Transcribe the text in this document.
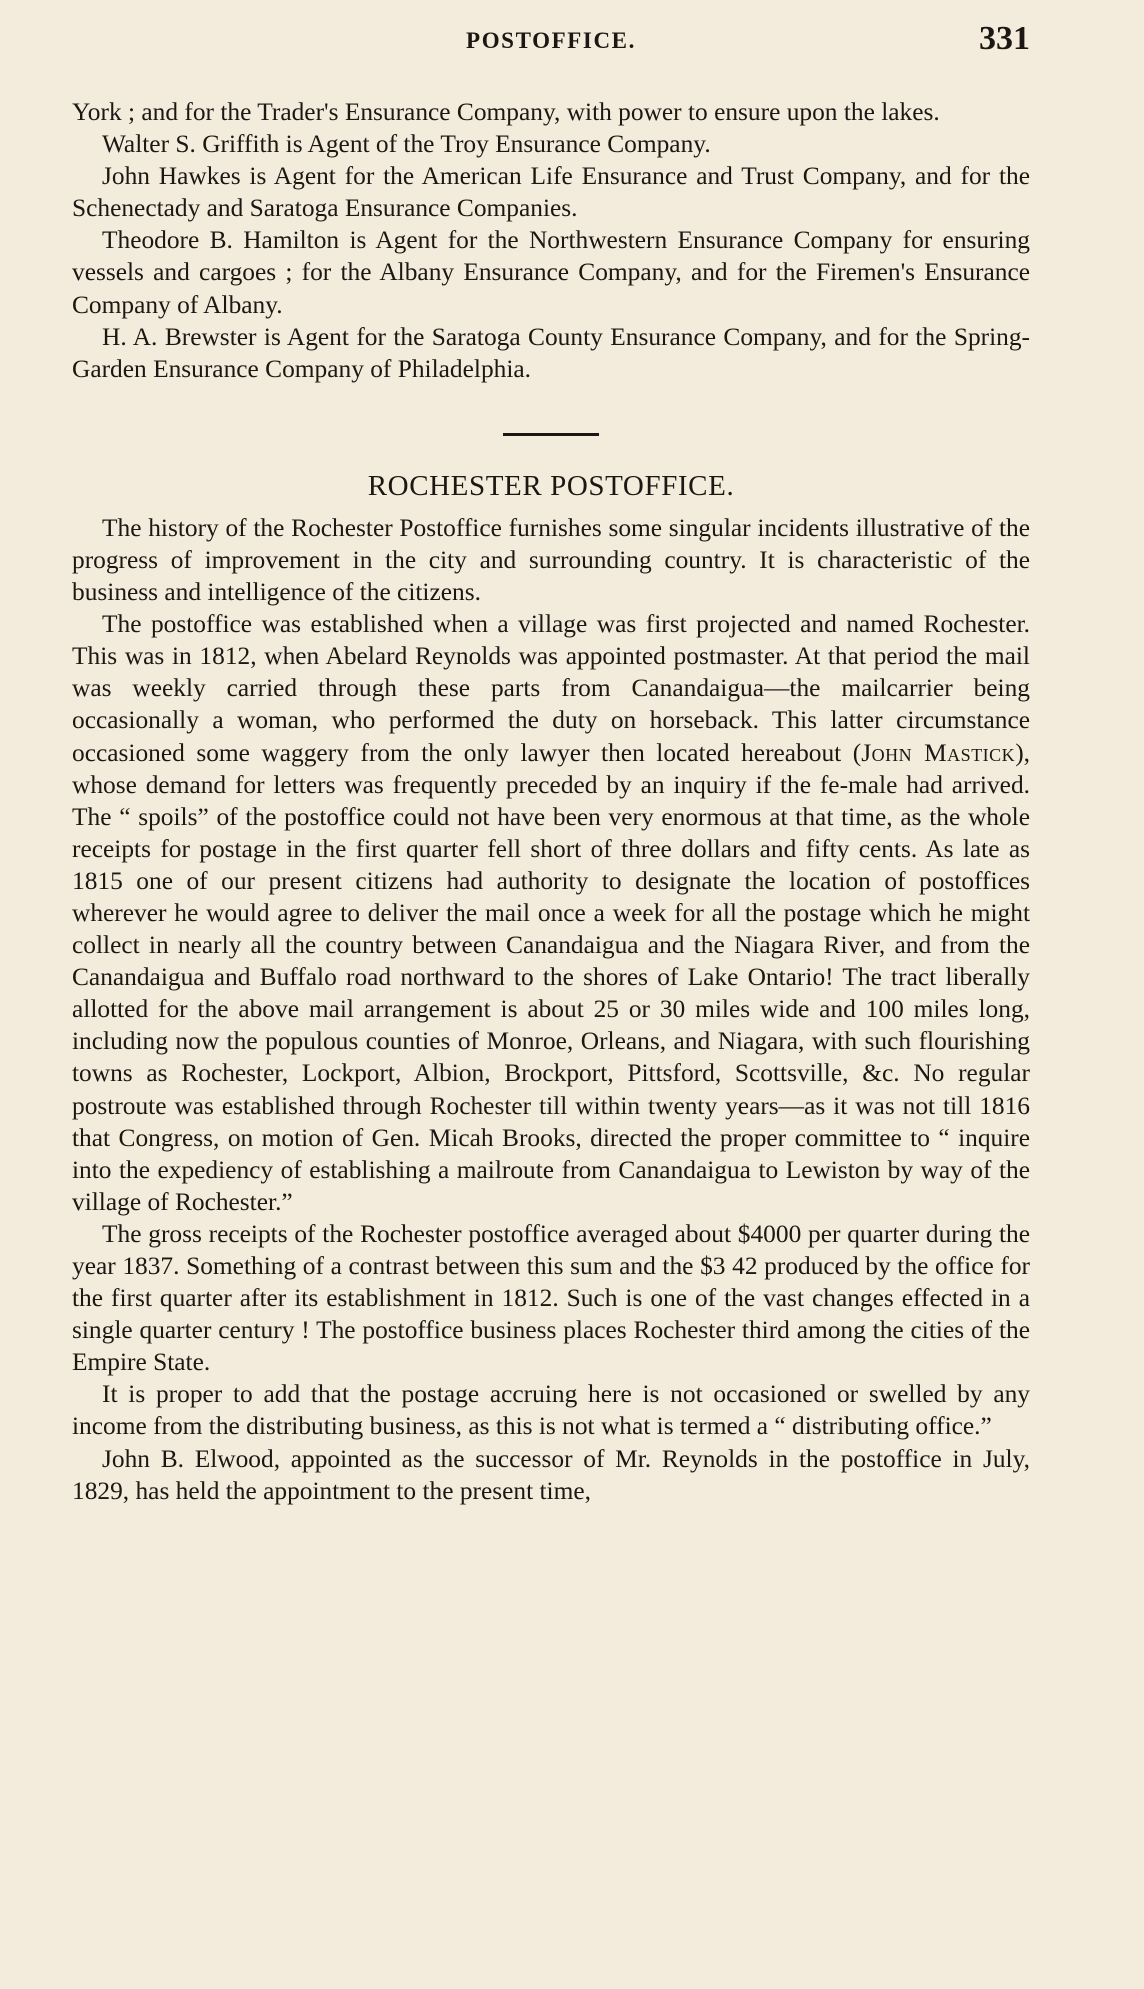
POSTOFFICE.	331

York ; and for the Trader's Ensurance Company, with power to ensure upon the lakes.

Walter S. Griffith is Agent of the Troy Ensurance Company.

John Hawkes is Agent for the American Life Ensurance and Trust Company, and for the Schenectady and Saratoga Ensurance Companies.

Theodore B. Hamilton is Agent for the Northwestern Ensurance Company for ensuring vessels and cargoes ; for the Albany Ensurance Company, and for the Firemen's Ensurance Company of Albany.

H. A. Brewster is Agent for the Saratoga County Ensurance Company, and for the Spring-Garden Ensurance Company of Philadelphia.

ROCHESTER POSTOFFICE.

The history of the Rochester Postoffice furnishes some singular incidents illustrative of the progress of improvement in the city and surrounding country. It is characteristic of the business and intelligence of the citizens.

The postoffice was established when a village was first projected and named Rochester. This was in 1812, when Abelard Reynolds was appointed postmaster. At that period the mail was weekly carried through these parts from Canandaigua—the mailcarrier being occasionally a woman, who performed the duty on horseback. This latter circumstance occasioned some waggery from the only lawyer then located hereabout (John Mastick), whose demand for letters was frequently preceded by an inquiry if the fe-male had arrived. The “ spoils” of the postoffice could not have been very enormous at that time, as the whole receipts for postage in the first quarter fell short of three dollars and fifty cents. As late as 1815 one of our present citizens had authority to designate the location of postoffices wherever he would agree to deliver the mail once a week for all the postage which he might collect in nearly all the country between Canandaigua and the Niagara River, and from the Canandaigua and Buffalo road northward to the shores of Lake Ontario! The tract liberally allotted for the above mail arrangement is about 25 or 30 miles wide and 100 miles long, including now the populous counties of Monroe, Orleans, and Niagara, with such flourishing towns as Rochester, Lockport, Albion, Brockport, Pittsford, Scottsville, &c. No regular postroute was established through Rochester till within twenty years—as it was not till 1816 that Congress, on motion of Gen. Micah Brooks, directed the proper committee to “ inquire into the expediency of establishing a mailroute from Canandaigua to Lewiston by way of the village of Rochester.”

The gross receipts of the Rochester postoffice averaged about $4000 per quarter during the year 1837. Something of a contrast between this sum and the $3 42 produced by the office for the first quarter after its establishment in 1812. Such is one of the vast changes effected in a single quarter century ! The postoffice business places Rochester third among the cities of the Empire State.

It is proper to add that the postage accruing here is not occasioned or swelled by any income from the distributing business, as this is not what is termed a “ distributing office.”

John B. Elwood, appointed as the successor of Mr. Reynolds in the postoffice in July, 1829, has held the appointment to the present time,
